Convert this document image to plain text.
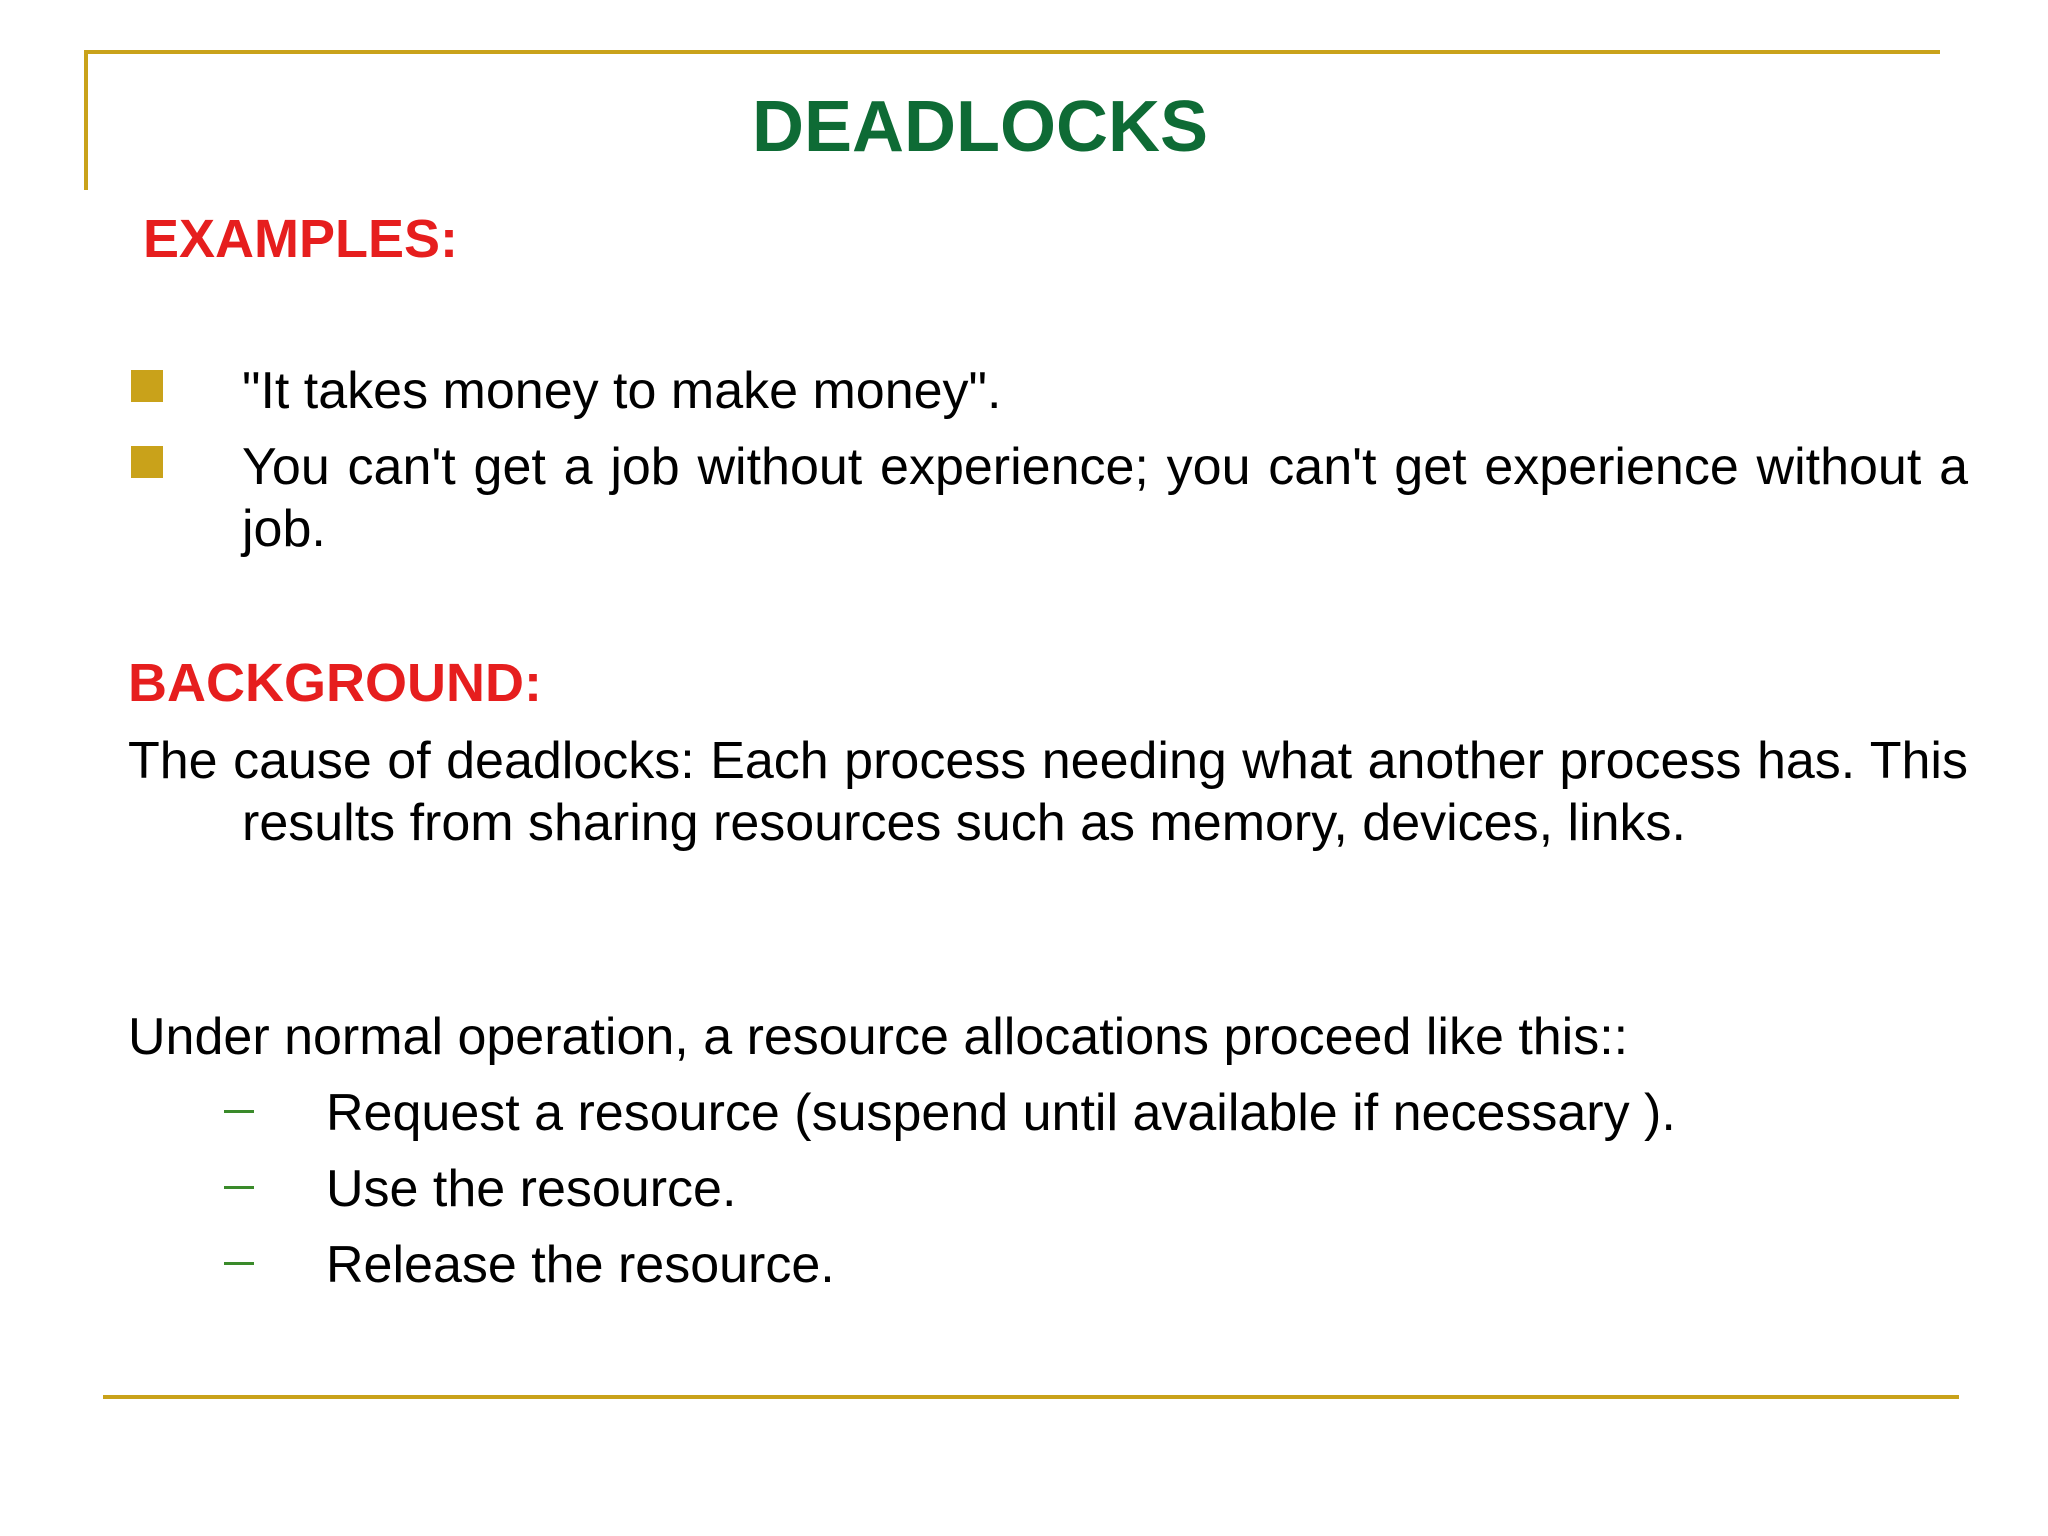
DEADLOCKS
EXAMPLES:
"It takes money to make money".
You can't get a job without experience; you can't get experience without a job.
BACKGROUND:

The cause of deadlocks: Each process needing what another process has. This results from sharing resources such as memory, devices, links.

Under normal operation, a resource allocations proceed like this::

Request a resource (suspend until available if necessary ).
Use the resource.
Release the resource.
